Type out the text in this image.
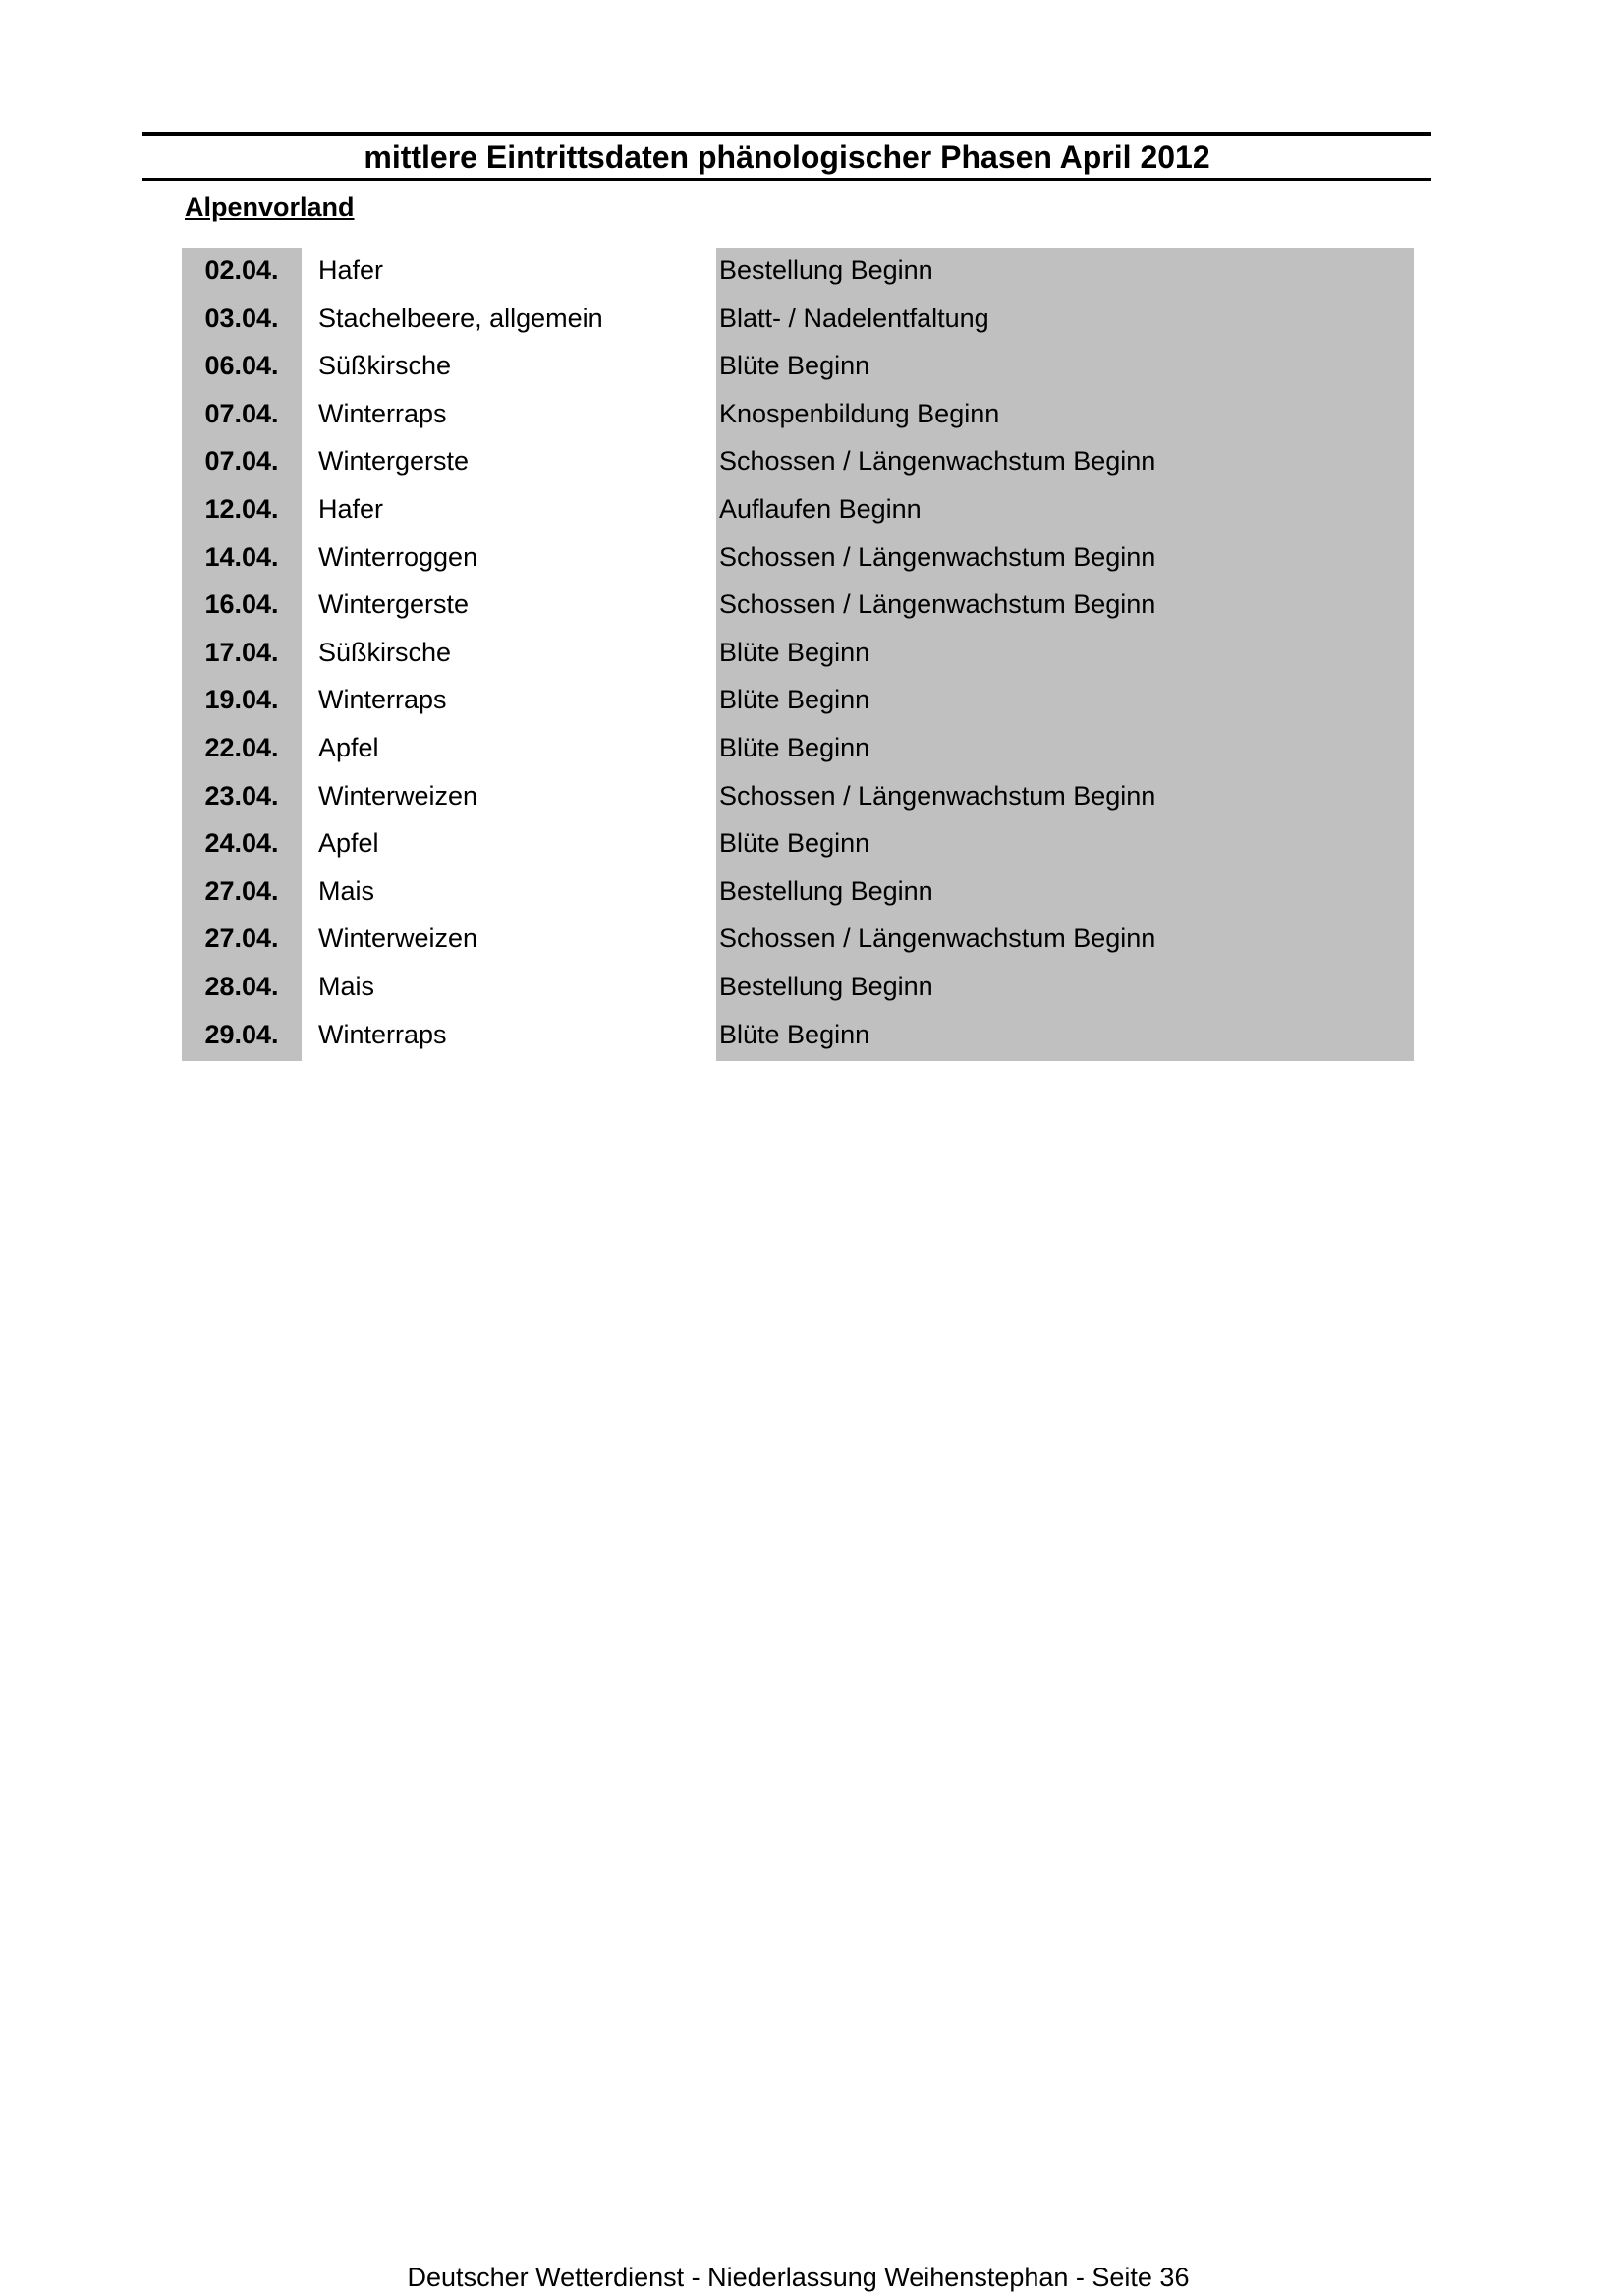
mittlere Eintrittsdaten phänologischer Phasen April 2012
Alpenvorland
02.04.	Hafer	Bestellung Beginn
03.04.	Stachelbeere, allgemein	Blatt- / Nadelentfaltung
06.04.	Süßkirsche	Blüte Beginn
07.04.	Winterraps	Knospenbildung Beginn
07.04.	Wintergerste	Schossen / Längenwachstum Beginn
12.04.	Hafer	Auflaufen Beginn
14.04.	Winterroggen	Schossen / Längenwachstum Beginn
16.04.	Wintergerste	Schossen / Längenwachstum Beginn
17.04.	Süßkirsche	Blüte Beginn
19.04.	Winterraps	Blüte Beginn
22.04.	Apfel	Blüte Beginn
23.04.	Winterweizen	Schossen / Längenwachstum Beginn
24.04.	Apfel	Blüte Beginn
27.04.	Mais	Bestellung Beginn
27.04.	Winterweizen	Schossen / Längenwachstum Beginn
28.04.	Mais	Bestellung Beginn
29.04.	Winterraps	Blüte Beginn
Deutscher Wetterdienst - Niederlassung Weihenstephan - Seite 36
